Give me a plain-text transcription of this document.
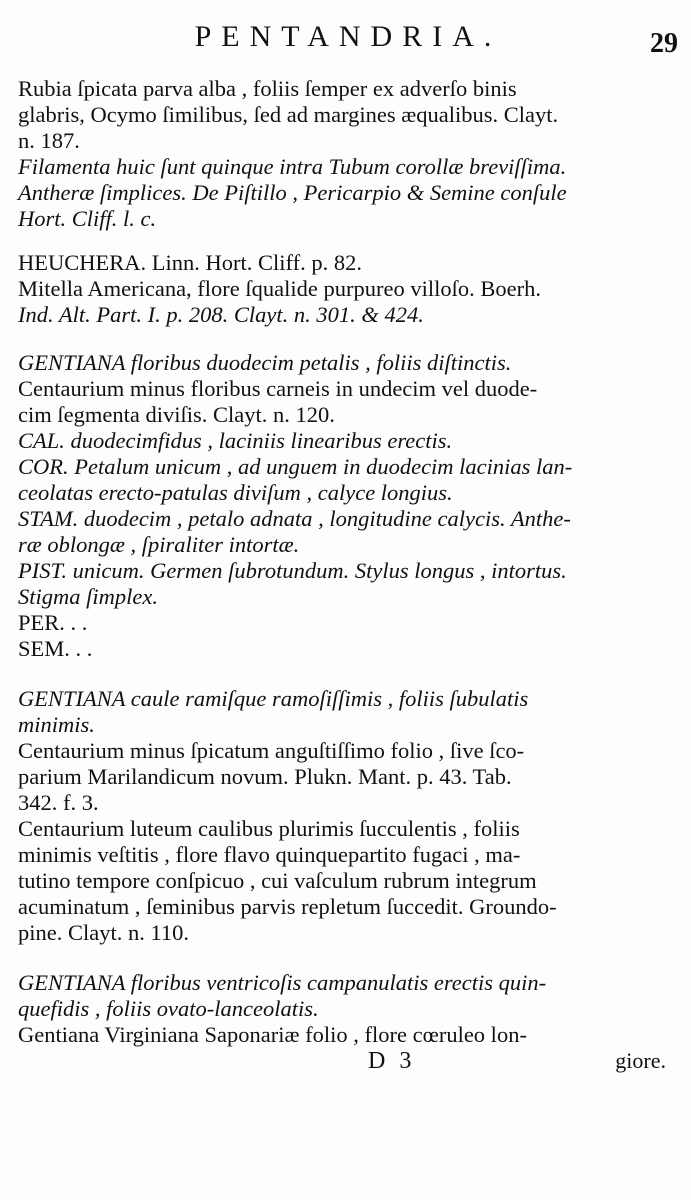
PENTANDRIA.	29
Rubia ſpicata parva alba , foliis ſemper ex adverſo binis
glabris, Ocymo ſimilibus, ſed ad margines æqualibus. Clayt.
n. 187.
Filamenta huic ſunt quinque intra Tubum corollæ breviſſima.
Antheræ ſimplices. De Piſtillo , Pericarpio & Semine conſule
Hort. Cliff. l. c.
HEUCHERA. Linn. Hort. Cliff. p. 82.
Mitella Americana, flore ſqualide purpureo villoſo. Boerh.
Ind. Alt. Part. I. p. 208. Clayt. n. 301. & 424.
GENTIANA floribus duodecim petalis , foliis diſtinctis.
Centaurium minus floribus carneis in undecim vel duode-
cim ſegmenta diviſis. Clayt. n. 120.
CAL. duodecimfidus , laciniis linearibus erectis.
COR. Petalum unicum , ad unguem in duodecim lacinias lan-
ceolatas erecto-patulas diviſum , calyce longius.
STAM. duodecim , petalo adnata , longitudine calycis. Anthe-
ræ oblongæ , ſpiraliter intortæ.
PIST. unicum. Germen ſubrotundum. Stylus longus , intortus.
Stigma ſimplex.
PER. . .
SEM. . .
GENTIANA caule ramiſque ramoſiſſimis , foliis ſubulatis
minimis.
Centaurium minus ſpicatum anguſtiſſimo folio , ſive ſco-
parium Marilandicum novum. Plukn. Mant. p. 43. Tab.
342. f. 3.
Centaurium luteum caulibus plurimis ſucculentis , foliis
minimis veſtitis , flore flavo quinquepartito fugaci , ma-
tutino tempore conſpicuo , cui vaſculum rubrum integrum
acuminatum , ſeminibus parvis repletum ſuccedit. Groundo-
pine. Clayt. n. 110.
GENTIANA floribus ventricoſis campanulatis erectis quin-
quefidis , foliis ovato-lanceolatis.
Gentiana Virginiana Saponariæ folio , flore cœruleo lon-
D 3	giore.
